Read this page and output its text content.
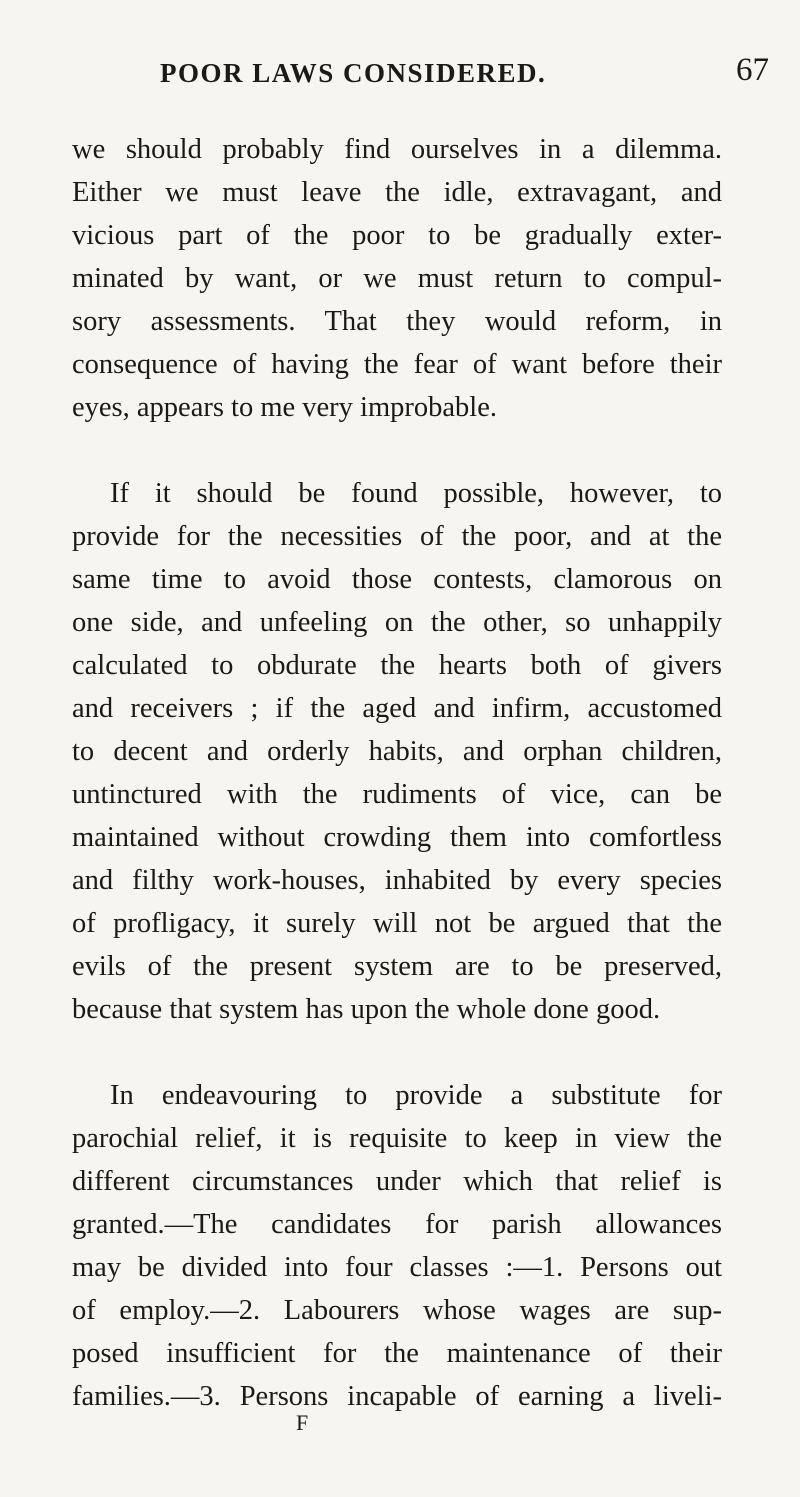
POOR LAWS CONSIDERED.	67

we should probably find ourselves in a dilemma.
Either we must leave the idle, extravagant, and
vicious part of the poor to be gradually exter-
minated by want, or we must return to compul-
sory assessments. That they would reform, in
consequence of having the fear of want before their
eyes, appears to me very improbable.

If it should be found possible, however, to
provide for the necessities of the poor, and at the
same time to avoid those contests, clamorous on
one side, and unfeeling on the other, so unhappily
calculated to obdurate the hearts both of givers
and receivers ; if the aged and infirm, accustomed
to decent and orderly habits, and orphan children,
untinctured with the rudiments of vice, can be
maintained without crowding them into comfortless
and filthy work-houses, inhabited by every species
of profligacy, it surely will not be argued that the
evils of the present system are to be preserved,
because that system has upon the whole done good.

In endeavouring to provide a substitute for
parochial relief, it is requisite to keep in view the
different circumstances under which that relief is
granted.—The candidates for parish allowances
may be divided into four classes :—1. Persons out
of employ.—2. Labourers whose wages are sup-
posed insufficient for the maintenance of their
families.—3. Persons incapable of earning a liveli-

F
